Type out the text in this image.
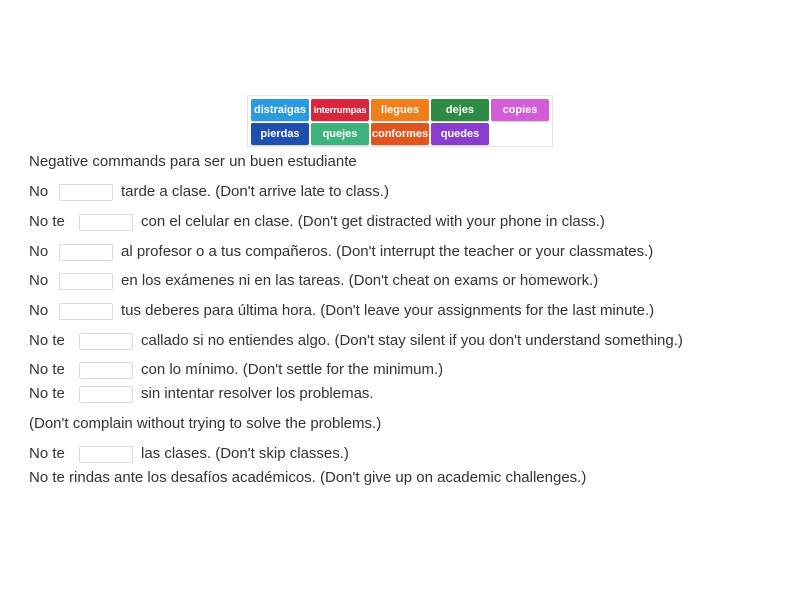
distraigas interrumpas	llegues	dejes	copies
pierdas	quejes	conformes	quedes
Negative commands para ser un buen estudiante
No	tarde a clase. (Don't arrive late to class.)
No te	con el celular en clase. (Don't get distracted with your phone in class.)
No	al profesor o a tus compañeros. (Don't interrupt the teacher or your classmates.)
No	en los exámenes ni en las tareas. (Don't cheat on exams or homework.)
No	tus deberes para última hora. (Don't leave your assignments for the last minute.)
No te	callado si no entiendes algo. (Don't stay silent if you don't understand something.)
No te	con lo mínimo. (Don't settle for the minimum.)
No te	sin intentar resolver los problemas.
(Don't complain without trying to solve the problems.)
No te	las clases. (Don't skip classes.)
No te rindas ante los desafíos académicos. (Don't give up on academic challenges.)
